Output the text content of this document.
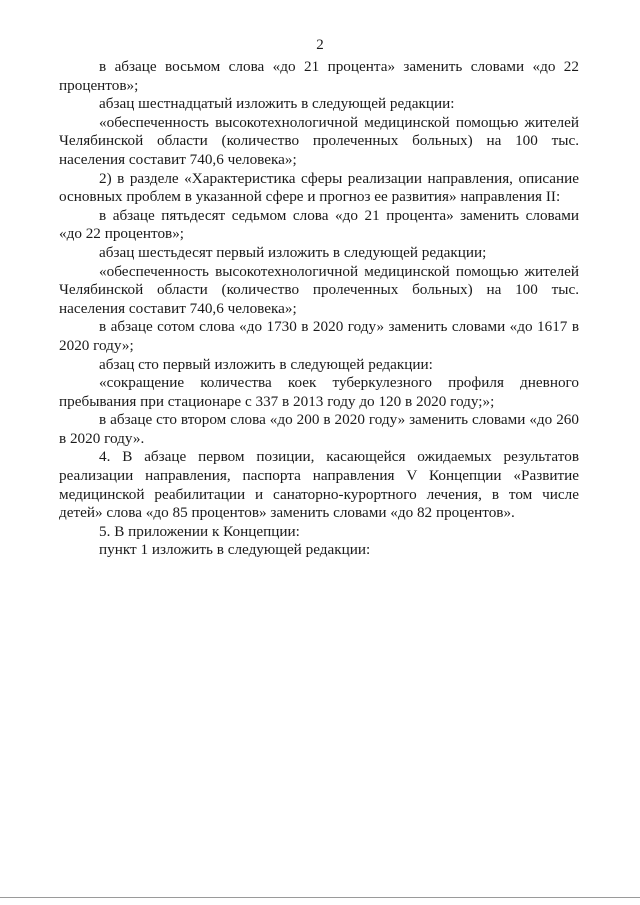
2

в абзаце восьмом слова «до 21 процента» заменить словами «до 22 процентов»;

абзац шестнадцатый изложить в следующей редакции:

«обеспеченность высокотехнологичной медицинской помощью жителей Челябинской области (количество пролеченных больных) на 100 тыс. населения составит 740,6 человека»;

2) в разделе «Характеристика сферы реализации направления, описание основных проблем в указанной сфере и прогноз ее развития» направления II:

в абзаце пятьдесят седьмом слова «до 21 процента» заменить словами «до 22 процентов»;

абзац шестьдесят первый изложить в следующей редакции;

«обеспеченность высокотехнологичной медицинской помощью жителей Челябинской области (количество пролеченных больных) на 100 тыс. населения составит 740,6 человека»;

в абзаце сотом слова «до 1730 в 2020 году» заменить словами «до 1617 в 2020 году»;

абзац сто первый изложить в следующей редакции:

«сокращение количества коек туберкулезного профиля дневного пребывания при стационаре с 337 в 2013 году до 120 в 2020 году;»;

в абзаце сто втором слова «до 200 в 2020 году» заменить словами «до 260 в 2020 году».

4. В абзаце первом позиции, касающейся ожидаемых результатов реализации направления, паспорта направления V Концепции «Развитие медицинской реабилитации и санаторно-курортного лечения, в том числе детей» слова «до 85 процентов» заменить словами «до 82 процентов».

5. В приложении к Концепции:

пункт 1 изложить в следующей редакции:
